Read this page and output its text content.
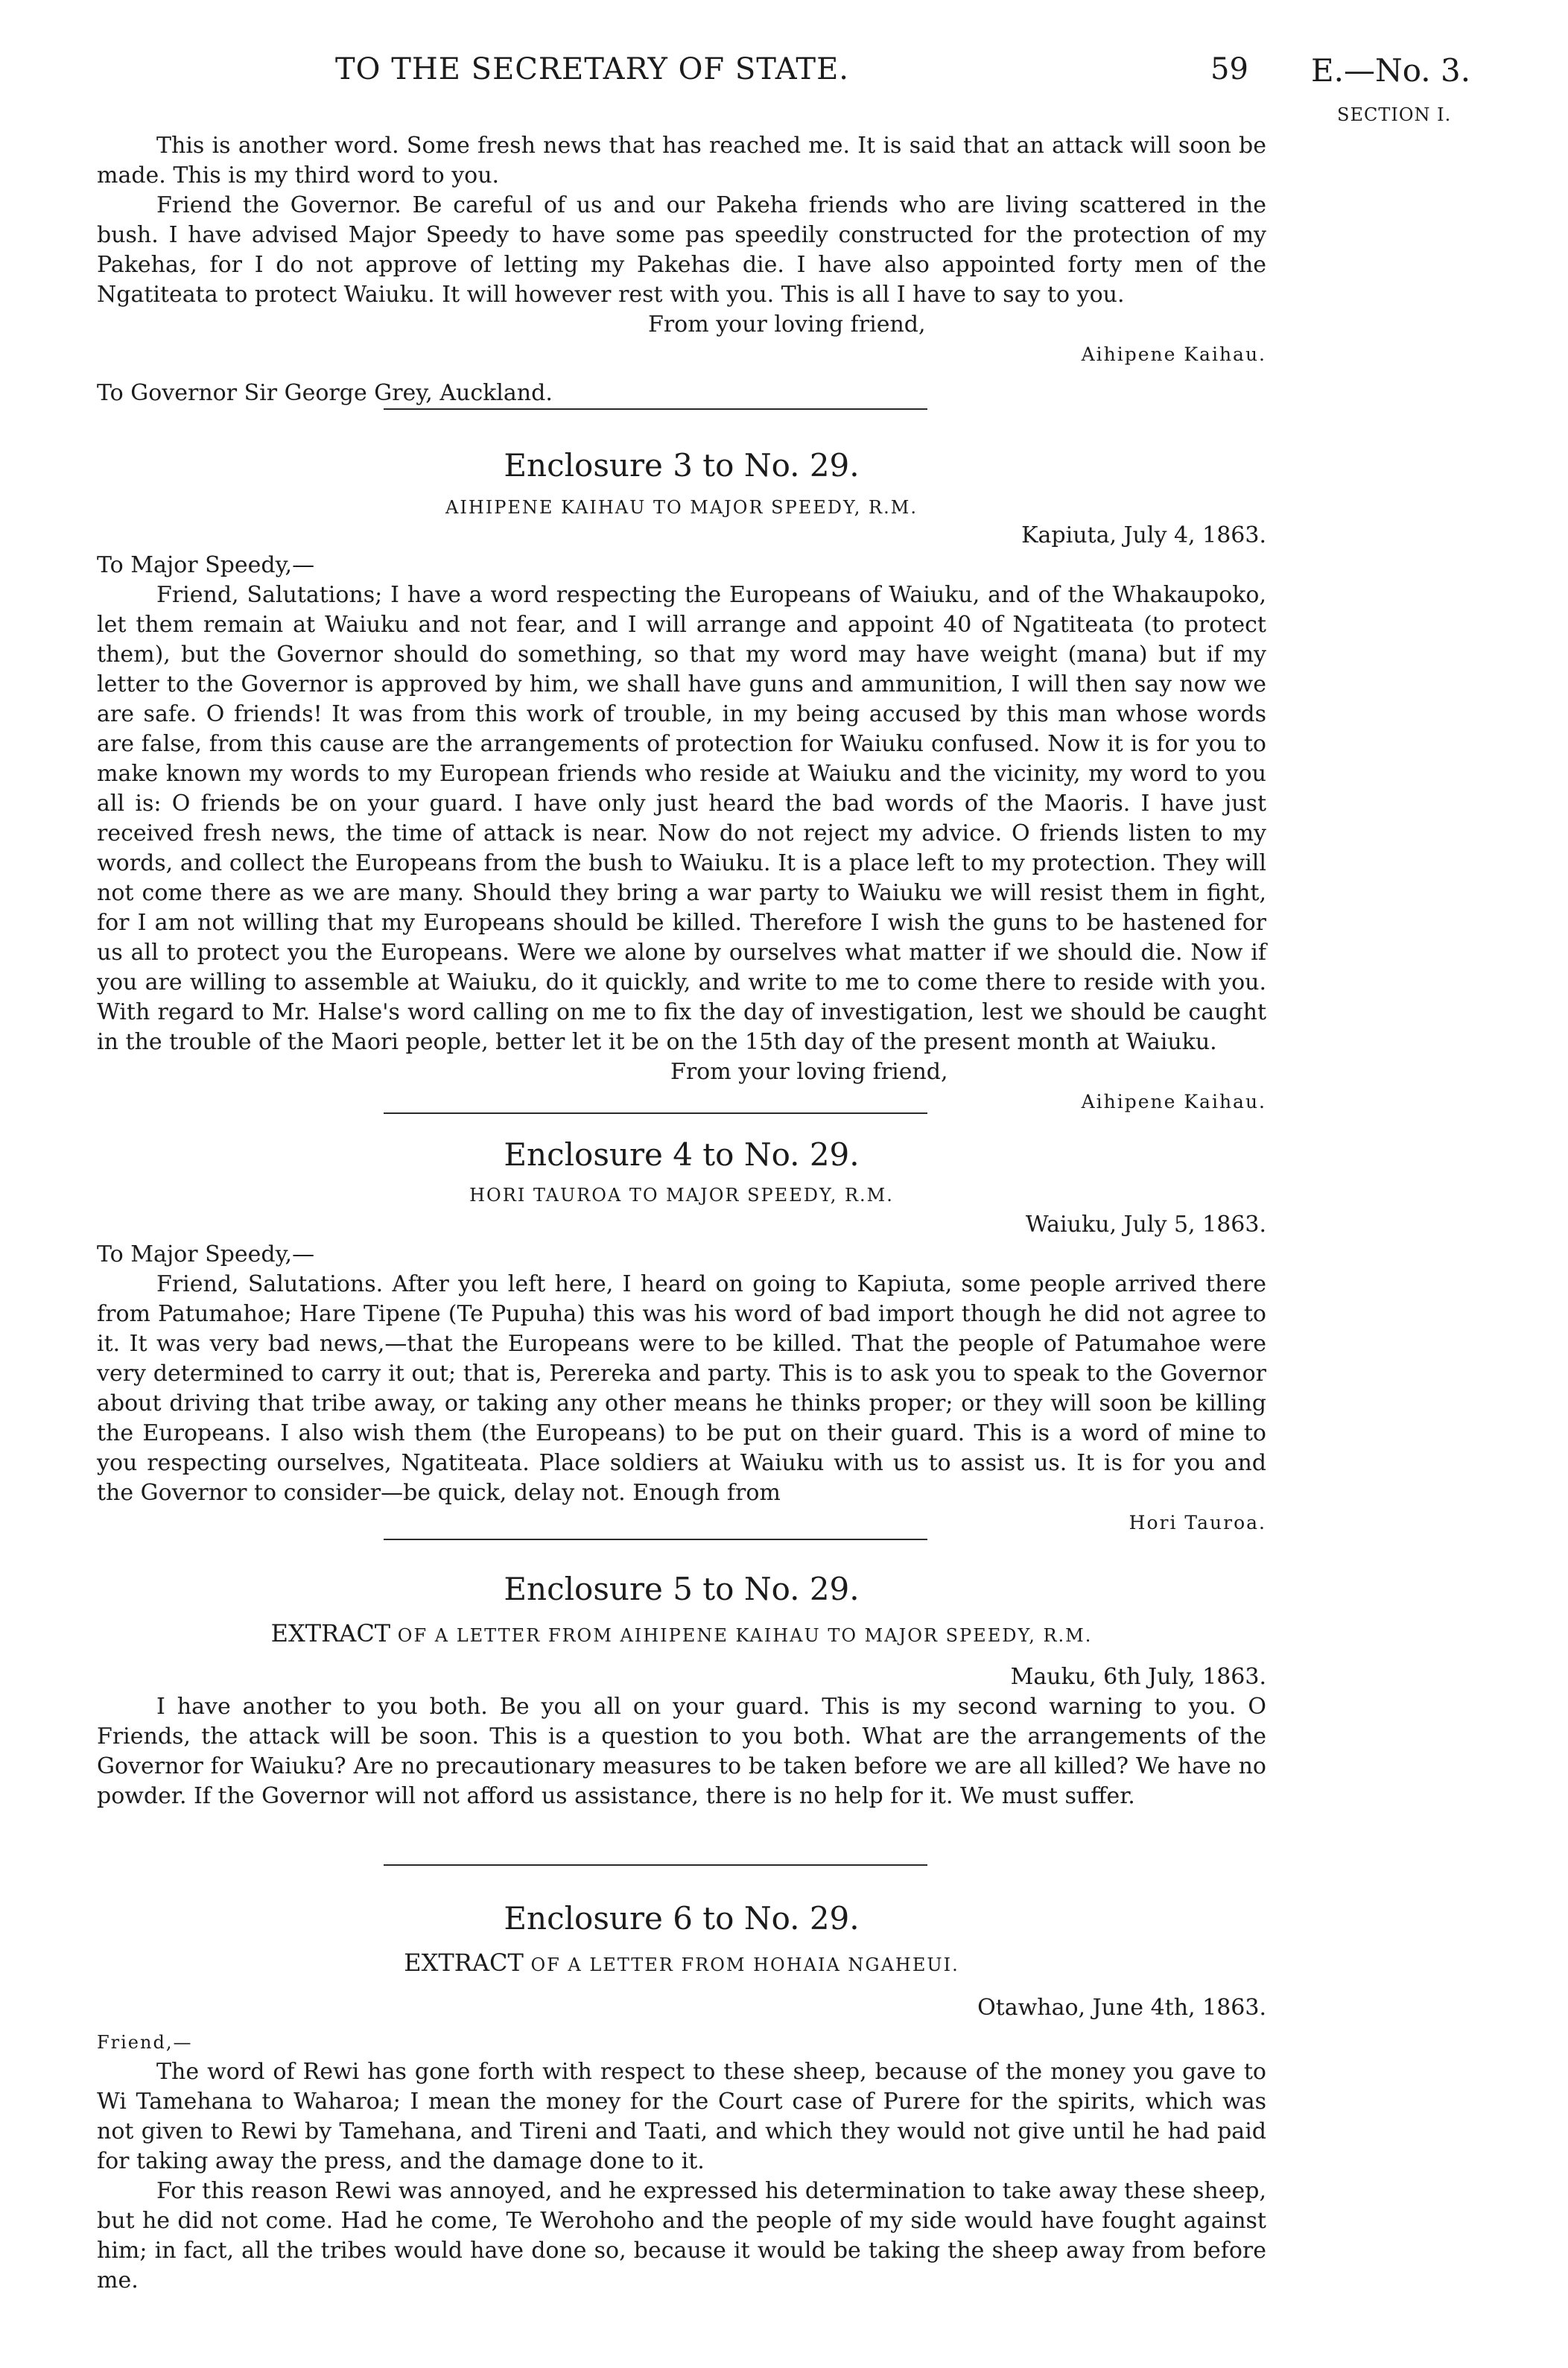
TO THE SECRETARY OF STATE.	59 E.—No. 3.
SECTION I.

This is another word. Some fresh news that has reached me. It is said that an attack will soon be made. This is my third word to you.

Friend the Governor. Be careful of us and our Pakeha friends who are living scattered in the bush. I have advised Major Speedy to have some pas speedily constructed for the protection of my Pakehas, for I do not approve of letting my Pakehas die. I have also appointed forty men of the Ngatiteata to protect Waiuku. It will however rest with you. This is all I have to say to you.

From your loving friend,

Aihipene Kaihau.

To Governor Sir George Grey, Auckland.

Enclosure 3 to No. 29.

AIHIPENE KAIHAU TO MAJOR SPEEDY, R.M.

Kapiuta, July 4, 1863.

To Major Speedy,—

Friend, Salutations; I have a word respecting the Europeans of Waiuku, and of the Whakaupoko, let them remain at Waiuku and not fear, and I will arrange and appoint 40 of Ngatiteata (to protect them), but the Governor should do something, so that my word may have weight (mana) but if my letter to the Governor is approved by him, we shall have guns and ammunition, I will then say now we are safe. O friends! It was from this work of trouble, in my being accused by this man whose words are false, from this cause are the arrangements of protection for Waiuku confused. Now it is for you to make known my words to my European friends who reside at Waiuku and the vicinity, my word to you all is: O friends be on your guard. I have only just heard the bad words of the Maoris. I have just received fresh news, the time of attack is near. Now do not reject my advice. O friends listen to my words, and collect the Europeans from the bush to Waiuku. It is a place left to my protection. They will not come there as we are many. Should they bring a war party to Waiuku we will resist them in fight, for I am not willing that my Europeans should be killed. Therefore I wish the guns to be hastened for us all to protect you the Europeans. Were we alone by ourselves what matter if we should die. Now if you are willing to assemble at Waiuku, do it quickly, and write to me to come there to reside with you. With regard to Mr. Halse's word calling on me to fix the day of investigation, lest we should be caught in the trouble of the Maori people, better let it be on the 15th day of the present month at Waiuku.

From your loving friend,

Aihipene Kaihau.

Enclosure 4 to No. 29.

HORI TAUROA TO MAJOR SPEEDY, R.M.

Waiuku, July 5, 1863.

To Major Speedy,—

Friend, Salutations. After you left here, I heard on going to Kapiuta, some people arrived there from Patumahoe; Hare Tipene (Te Pupuha) this was his word of bad import though he did not agree to it. It was very bad news,—that the Europeans were to be killed. That the people of Patumahoe were very determined to carry it out; that is, Perereka and party. This is to ask you to speak to the Governor about driving that tribe away, or taking any other means he thinks proper; or they will soon be killing the Europeans. I also wish them (the Europeans) to be put on their guard. This is a word of mine to you respecting ourselves, Ngatiteata. Place soldiers at Waiuku with us to assist us. It is for you and the Governor to consider—be quick, delay not. Enough from

Hori Tauroa.

Enclosure 5 to No. 29.

EXTRACT OF A LETTER FROM AIHIPENE KAIHAU TO MAJOR SPEEDY, R.M.

Mauku, 6th July, 1863.

I have another to you both. Be you all on your guard. This is my second warning to you. O Friends, the attack will be soon. This is a question to you both. What are the arrangements of the Governor for Waiuku? Are no precautionary measures to be taken before we are all killed? We have no powder. If the Governor will not afford us assistance, there is no help for it. We must suffer.

Enclosure 6 to No. 29.

EXTRACT OF A LETTER FROM HOHAIA NGAHEUI.

Otawhao, June 4th, 1863.

Friend,—

The word of Rewi has gone forth with respect to these sheep, because of the money you gave to Wi Tamehana to Waharoa; I mean the money for the Court case of Purere for the spirits, which was not given to Rewi by Tamehana, and Tireni and Taati, and which they would not give until he had paid for taking away the press, and the damage done to it.

For this reason Rewi was annoyed, and he expressed his determination to take away these sheep, but he did not come. Had he come, Te Werohoho and the people of my side would have fought against him; in fact, all the tribes would have done so, because it would be taking the sheep away from before me.
